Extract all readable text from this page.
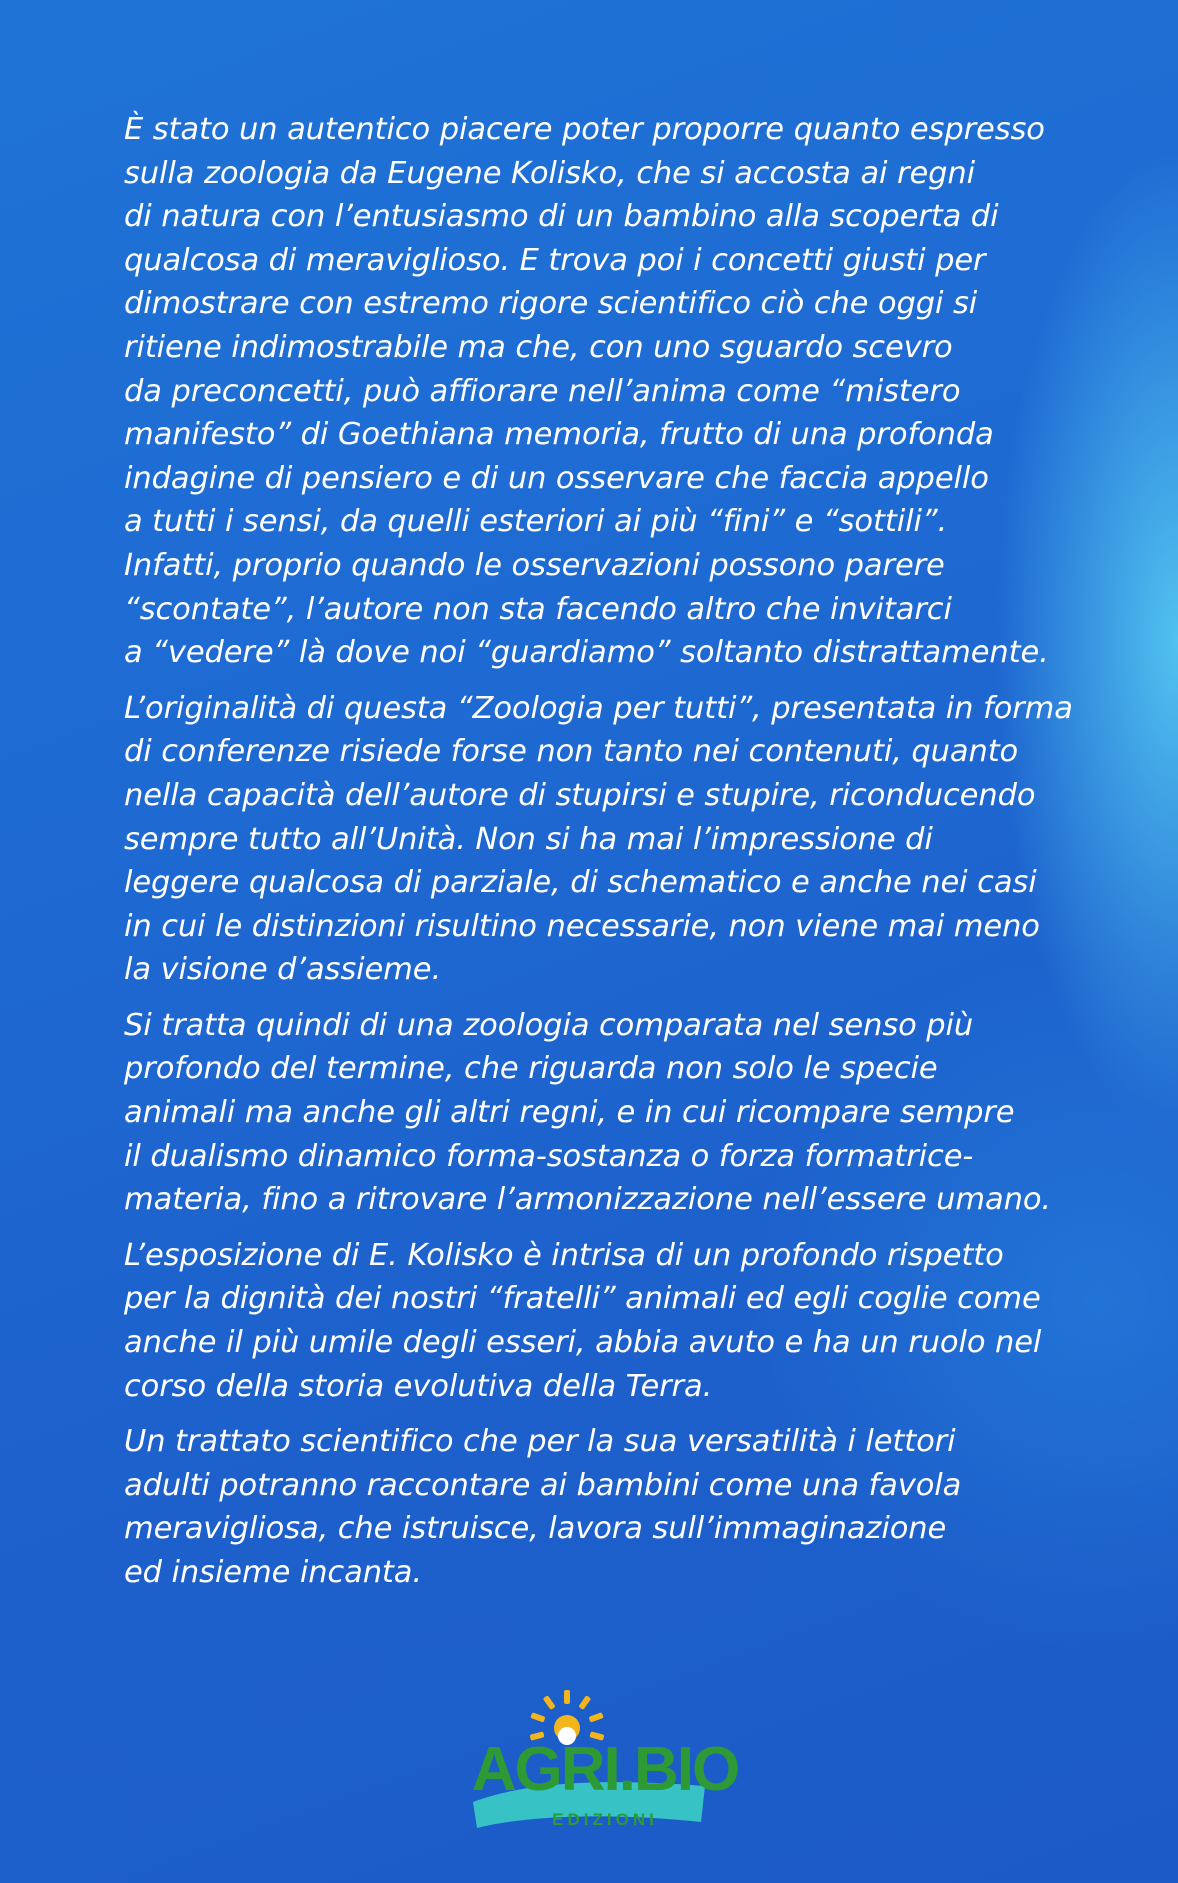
È stato un autentico piacere poter proporre quanto espresso
sulla zoologia da Eugene Kolisko, che si accosta ai regni
di natura con l’entusiasmo di un bambino alla scoperta di
qualcosa di meraviglioso. E trova poi i concetti giusti per
dimostrare con estremo rigore scientifico ciò che oggi si
ritiene indimostrabile ma che, con uno sguardo scevro
da preconcetti, può affiorare nell’anima come “mistero
manifesto” di Goethiana memoria, frutto di una profonda
indagine di pensiero e di un osservare che faccia appello
a tutti i sensi, da quelli esteriori ai più “fini” e “sottili”.
Infatti, proprio quando le osservazioni possono parere
“scontate”, l’autore non sta facendo altro che invitarci
a “vedere” là dove noi “guardiamo” soltanto distrattamente.

L’originalità di questa “Zoologia per tutti”, presentata in forma
di conferenze risiede forse non tanto nei contenuti, quanto
nella capacità dell’autore di stupirsi e stupire, riconducendo
sempre tutto all’Unità. Non si ha mai l’impressione di
leggere qualcosa di parziale, di schematico e anche nei casi
in cui le distinzioni risultino necessarie, non viene mai meno
la visione d’assieme.

Si tratta quindi di una zoologia comparata nel senso più
profondo del termine, che riguarda non solo le specie
animali ma anche gli altri regni, e in cui ricompare sempre
il dualismo dinamico forma-sostanza o forza formatrice-
materia, fino a ritrovare l’armonizzazione nell’essere umano.

L’esposizione di E. Kolisko è intrisa di un profondo rispetto
per la dignità dei nostri “fratelli” animali ed egli coglie come
anche il più umile degli esseri, abbia avuto e ha un ruolo nel
corso della storia evolutiva della Terra.

Un trattato scientifico che per la sua versatilità i lettori
adulti potranno raccontare ai bambini come una favola
meravigliosa, che istruisce, lavora sull’immaginazione
ed insieme incanta.

AGRI.BIO
EDIZIONI
